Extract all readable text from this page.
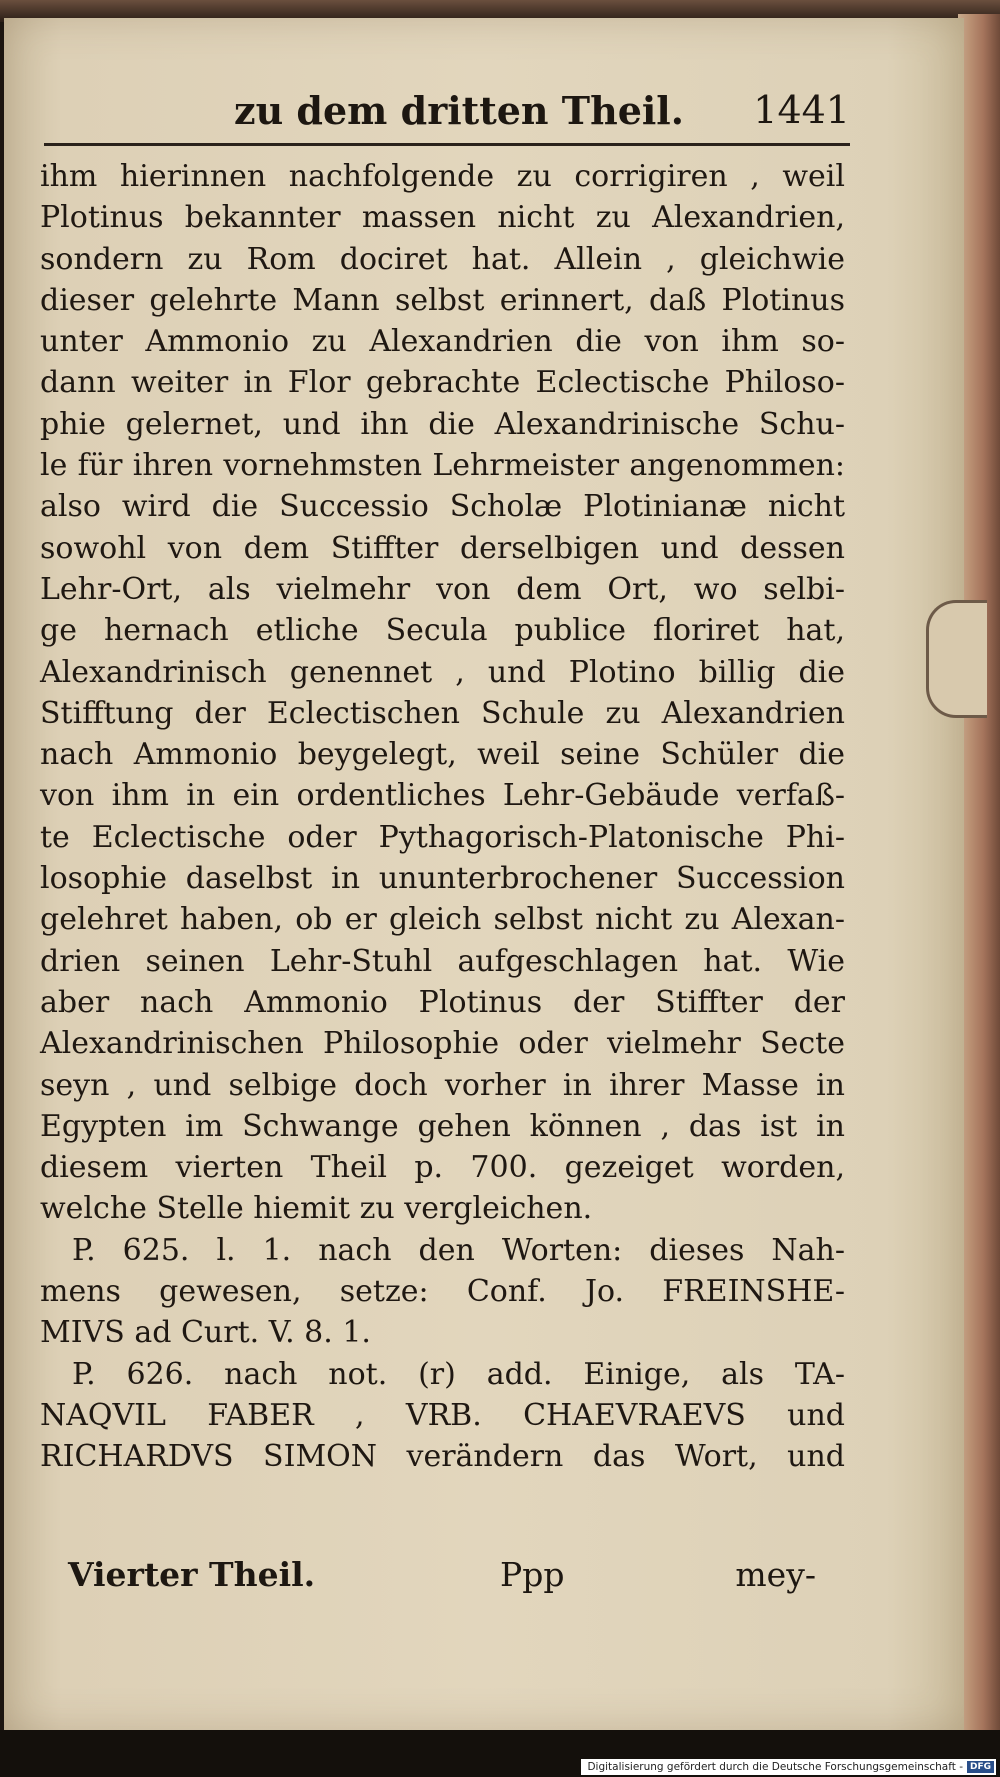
zu dem dritten Theil. 1441
ihm hierinnen nachfolgende zu corrigiren , weil
Plotinus bekannter massen nicht zu Alexandrien,
sondern zu Rom dociret hat. Allein , gleichwie
dieser gelehrte Mann selbst erinnert, daß Plotinus
unter Ammonio zu Alexandrien die von ihm so-
dann weiter in Flor gebrachte Eclectische Philoso-
phie gelernet, und ihn die Alexandrinische Schu-
le für ihren vornehmsten Lehrmeister angenommen:
also wird die Successio Scholæ Plotinianæ nicht
sowohl von dem Stiffter derselbigen und dessen
Lehr-Ort, als vielmehr von dem Ort, wo selbi-
ge hernach etliche Secula publice floriret hat,
Alexandrinisch genennet , und Plotino billig die
Stifftung der Eclectischen Schule zu Alexandrien
nach Ammonio beygelegt, weil seine Schüler die
von ihm in ein ordentliches Lehr-Gebäude verfaß-
te Eclectische oder Pythagorisch-Platonische Phi-
losophie daselbst in ununterbrochener Succession
gelehret haben, ob er gleich selbst nicht zu Alexan-
drien seinen Lehr-Stuhl aufgeschlagen hat. Wie
aber nach Ammonio Plotinus der Stiffter der
Alexandrinischen Philosophie oder vielmehr Secte
seyn , und selbige doch vorher in ihrer Masse in
Egypten im Schwange gehen können , das ist in
diesem vierten Theil p. 700. gezeiget worden,
welche Stelle hiemit zu vergleichen.
P. 625. l. 1. nach den Worten: dieses Nah-
mens gewesen, setze: Conf. Jo. FREINSHE-
MIVS ad Curt. V. 8. 1.
P. 626. nach not. (r) add. Einige, als TA-
NAQVIL FABER , VRB. CHAEVRAEVS und
RICHARDVS SIMON verändern das Wort, und
Vierter Theil.	Ppp	mey-
Digitalisierung gefördert durch die Deutsche Forschungsgemeinschaft - DFG
